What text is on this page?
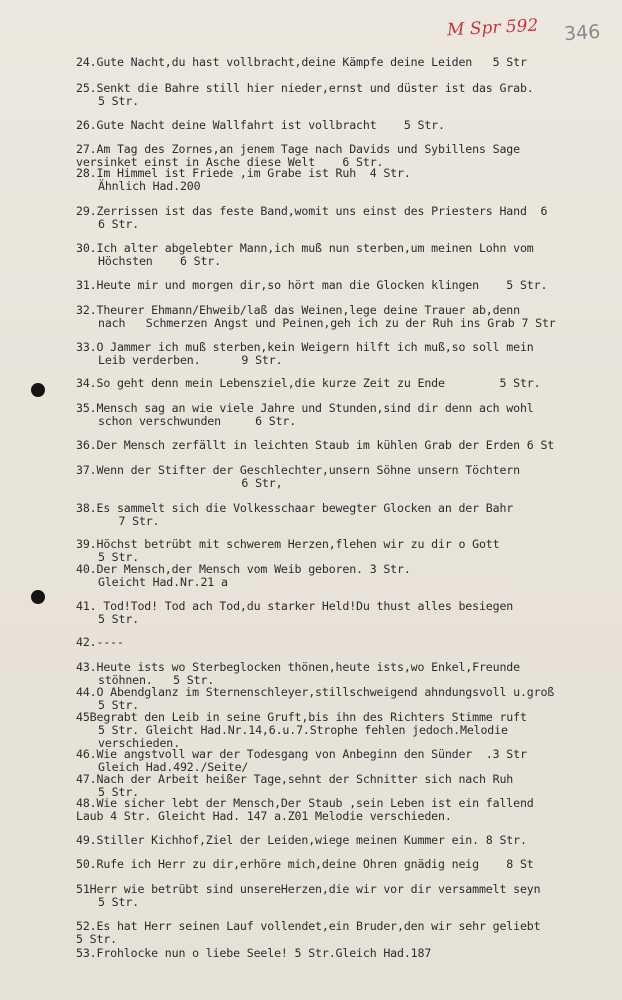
M Spr 592 346
24.Gute Nacht,du hast vollbracht,deine Kämpfe deine Leiden   5 Str
25.Senkt die Bahre still hier nieder,ernst und düster ist das Grab.
5 Str.
26.Gute Nacht deine Wallfahrt ist vollbracht    5 Str.
27.Am Tag des Zornes,an jenem Tage nach Davids und Sybillens Sage
versinket einst in Asche diese Welt    6 Str.
28.Im Himmel ist Friede ,im Grabe ist Ruh  4 Str.
Ähnlich Had.200
29.Zerrissen ist das feste Band,womit uns einst des Priesters Hand  6
6 Str.
30.Ich alter abgelebter Mann,ich muß nun sterben,um meinen Lohn vom
Höchsten    6 Str.
31.Heute mir und morgen dir,so hört man die Glocken klingen    5 Str.
32.Theurer Ehmann/Ehweib/laß das Weinen,lege deine Trauer ab,denn
nach   Schmerzen Angst und Peinen,geh ich zu der Ruh ins Grab 7 Str
33.O Jammer ich muß sterben,kein Weigern hilft ich muß,so soll mein
Leib verderben.      9 Str.
34.So geht denn mein Lebensziel,die kurze Zeit zu Ende        5 Str.
35.Mensch sag an wie viele Jahre und Stunden,sind dir denn ach wohl
schon verschwunden     6 Str.
36.Der Mensch zerfällt in leichten Staub im kühlen Grab der Erden 6 St
37.Wenn der Stifter der Geschlechter,unsern Söhne unsern Töchtern
6 Str,
38.Es sammelt sich die Volkesschaar bewegter Glocken an der Bahr
7 Str.
39.Höchst betrübt mit schwerem Herzen,flehen wir zu dir o Gott
5 Str.
40.Der Mensch,der Mensch vom Weib geboren. 3 Str.
Gleicht Had.Nr.21 a
41. Tod!Tod! Tod ach Tod,du starker Held!Du thust alles besiegen
5 Str.
42.----
43.Heute ists wo Sterbeglocken thönen,heute ists,wo Enkel,Freunde
stöhnen.   5 Str.
44.O Abendglanz im Sternenschleyer,stillschweigend ahndungsvoll u.groß
5 Str.
45Begrabt den Leib in seine Gruft,bis ihn des Richters Stimme ruft
5 Str. Gleicht Had.Nr.14,6.u.7.Strophe fehlen jedoch.Melodie
verschieden.
46.Wie angstvoll war der Todesgang von Anbeginn den Sünder  .3 Str
Gleich Had.492./Seite/
47.Nach der Arbeit heißer Tage,sehnt der Schnitter sich nach Ruh
5 Str.
48.Wie sicher lebt der Mensch,Der Staub ,sein Leben ist ein fallend
Laub 4 Str. Gleicht Had. 147 a.Z01 Melodie verschieden.
49.Stiller Kichhof,Ziel der Leiden,wiege meinen Kummer ein. 8 Str.
50.Rufe ich Herr zu dir,erhöre mich,deine Ohren gnädig neig    8 St
51Herr wie betrübt sind unsereHerzen,die wir vor dir versammelt seyn
5 Str.
52.Es hat Herr seinen Lauf vollendet,ein Bruder,den wir sehr geliebt
5 Str.
53.Frohlocke nun o liebe Seele! 5 Str.Gleich Had.187
